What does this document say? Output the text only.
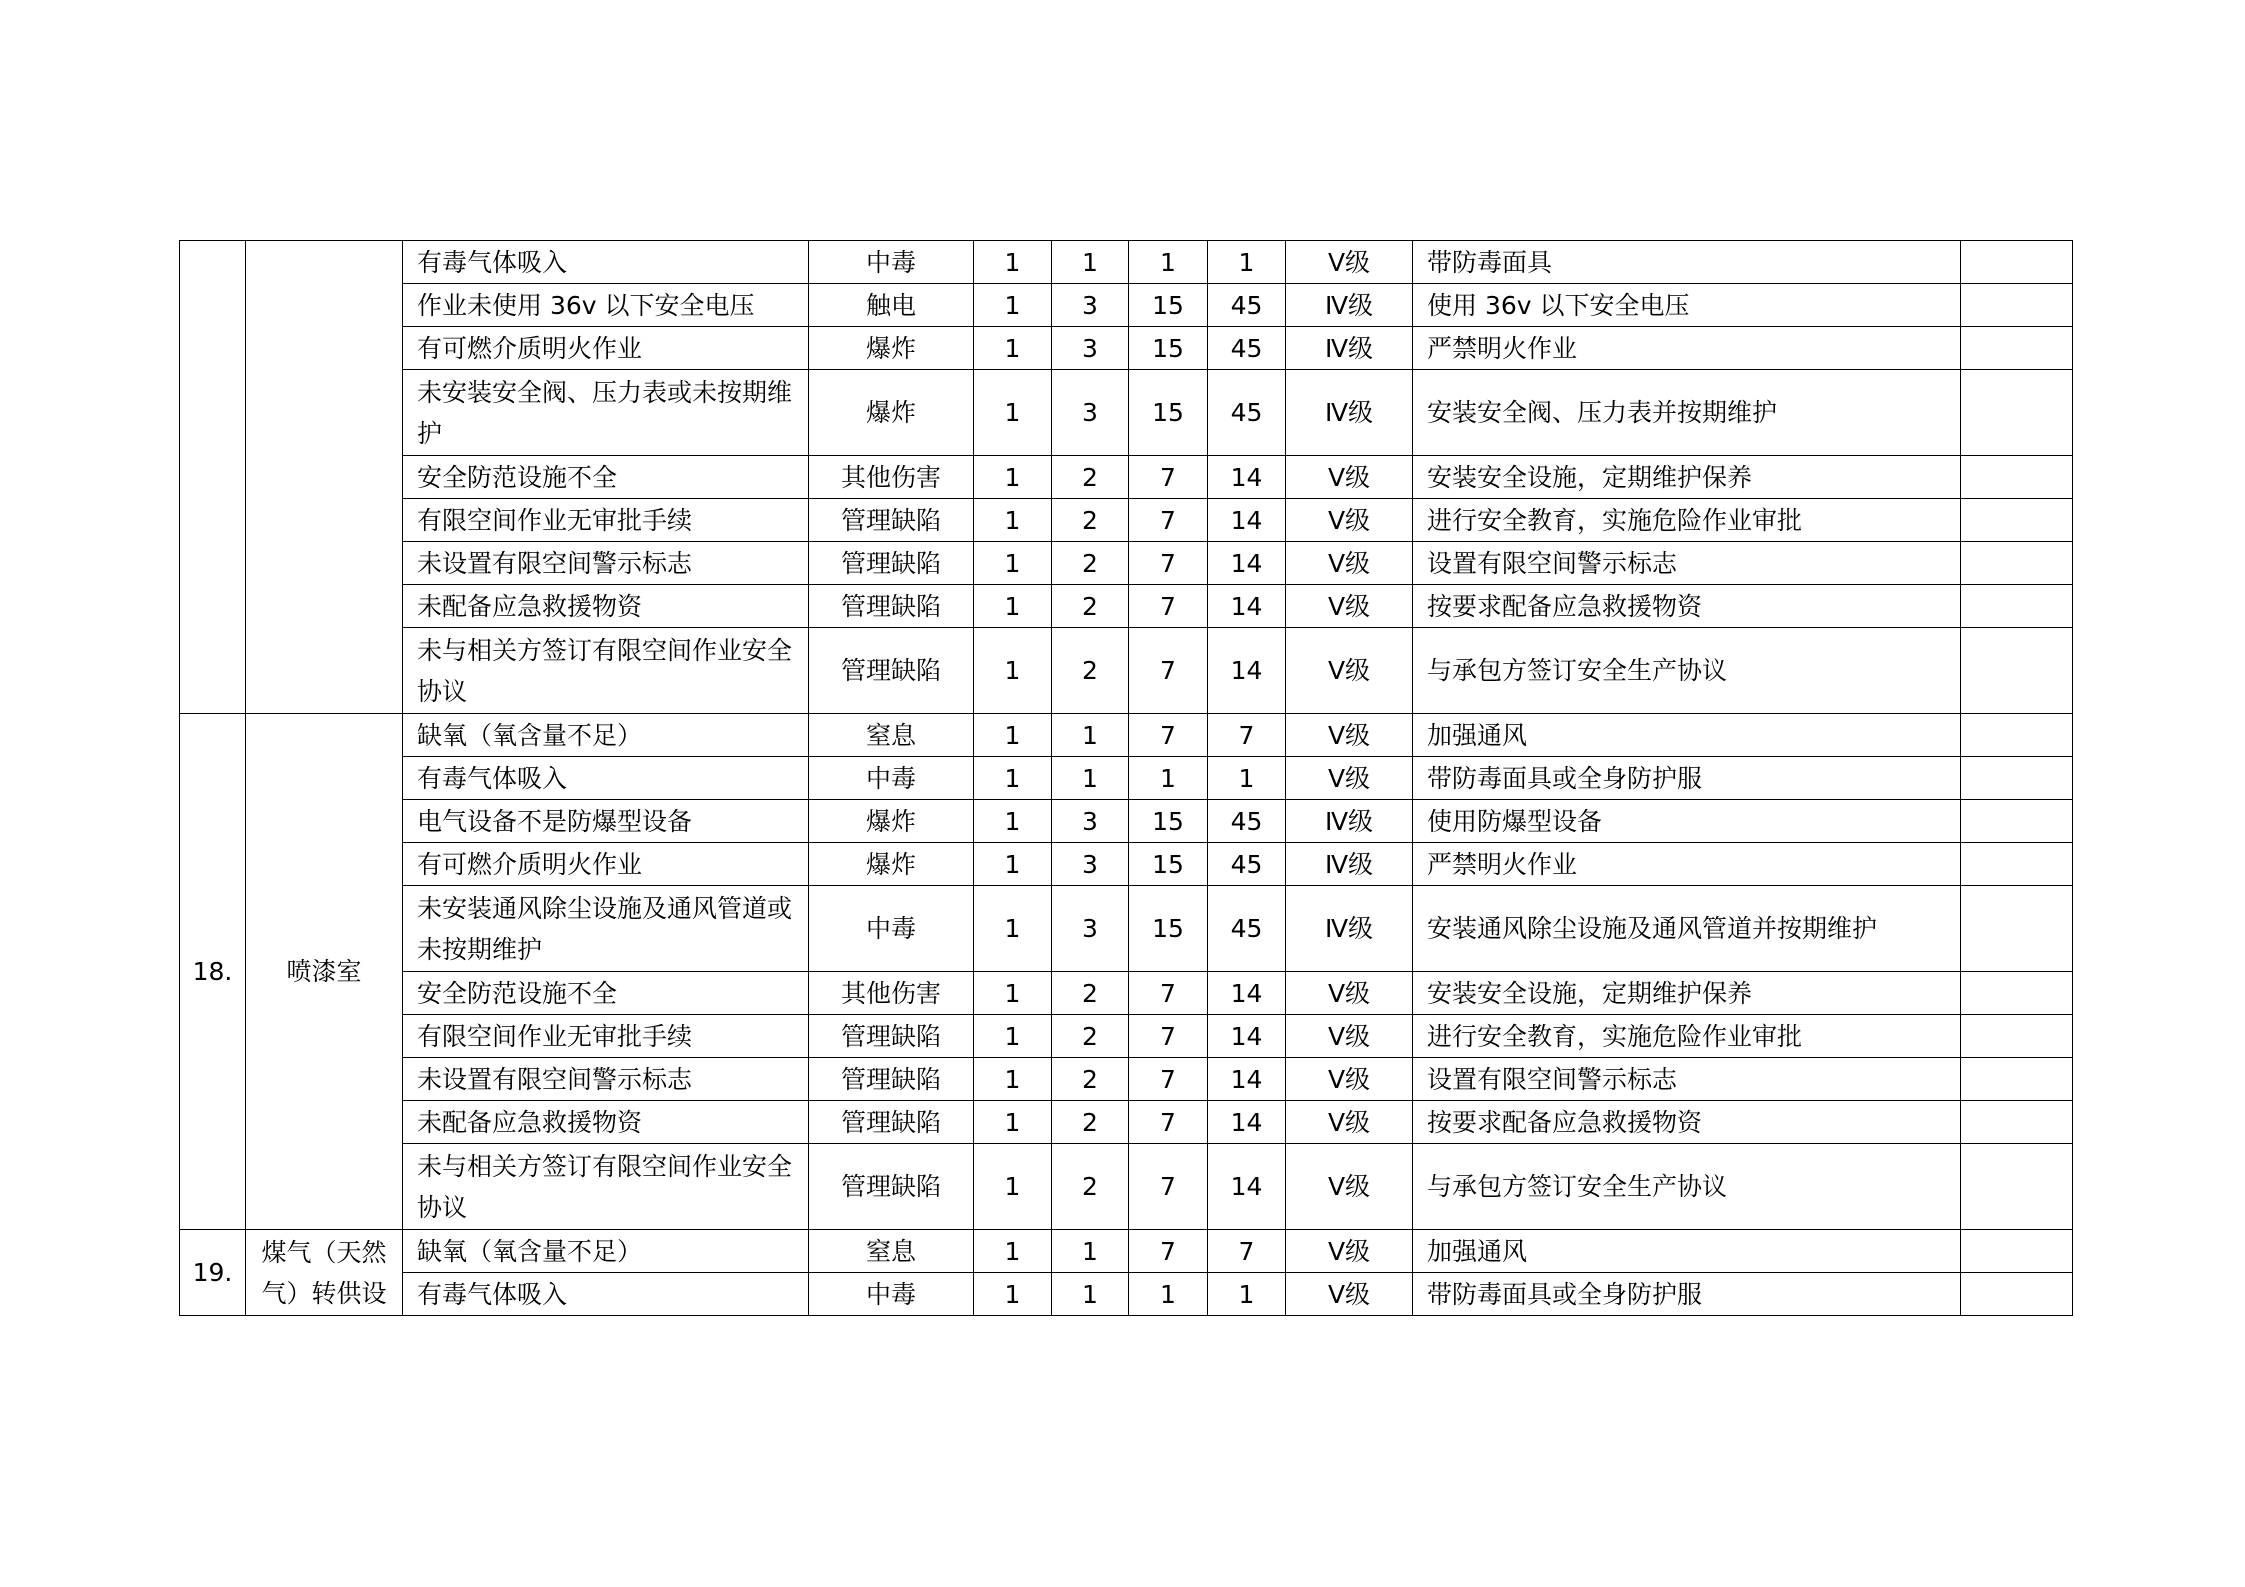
		有毒气体吸入	中毒	1	1	1	1	Ⅴ级	带防毒面具	
		作业未使用 36v 以下安全电压	触电	1	3	15	45	Ⅳ级	使用 36v 以下安全电压	
		有可燃介质明火作业	爆炸	1	3	15	45	Ⅳ级	严禁明火作业	
		未安装安全阀、压力表或未按期维护	爆炸	1	3	15	45	Ⅳ级	安装安全阀、压力表并按期维护	
		安全防范设施不全	其他伤害	1	2	7	14	Ⅴ级	安装安全设施，定期维护保养	
		有限空间作业无审批手续	管理缺陷	1	2	7	14	Ⅴ级	进行安全教育，实施危险作业审批	
		未设置有限空间警示标志	管理缺陷	1	2	7	14	Ⅴ级	设置有限空间警示标志	
		未配备应急救援物资	管理缺陷	1	2	7	14	Ⅴ级	按要求配备应急救援物资	
		未与相关方签订有限空间作业安全协议	管理缺陷	1	2	7	14	Ⅴ级	与承包方签订安全生产协议	
18.	喷漆室	缺氧（氧含量不足）	窒息	1	1	7	7	Ⅴ级	加强通风	
		有毒气体吸入	中毒	1	1	1	1	Ⅴ级	带防毒面具或全身防护服	
		电气设备不是防爆型设备	爆炸	1	3	15	45	Ⅳ级	使用防爆型设备	
		有可燃介质明火作业	爆炸	1	3	15	45	Ⅳ级	严禁明火作业	
		未安装通风除尘设施及通风管道或未按期维护	中毒	1	3	15	45	Ⅳ级	安装通风除尘设施及通风管道并按期维护	
		安全防范设施不全	其他伤害	1	2	7	14	Ⅴ级	安装安全设施，定期维护保养	
		有限空间作业无审批手续	管理缺陷	1	2	7	14	Ⅴ级	进行安全教育，实施危险作业审批	
		未设置有限空间警示标志	管理缺陷	1	2	7	14	Ⅴ级	设置有限空间警示标志	
		未配备应急救援物资	管理缺陷	1	2	7	14	Ⅴ级	按要求配备应急救援物资	
		未与相关方签订有限空间作业安全协议	管理缺陷	1	2	7	14	Ⅴ级	与承包方签订安全生产协议	
19.	煤气（天然气）转供设	缺氧（氧含量不足）	窒息	1	1	7	7	Ⅴ级	加强通风	
		有毒气体吸入	中毒	1	1	1	1	Ⅴ级	带防毒面具或全身防护服	
